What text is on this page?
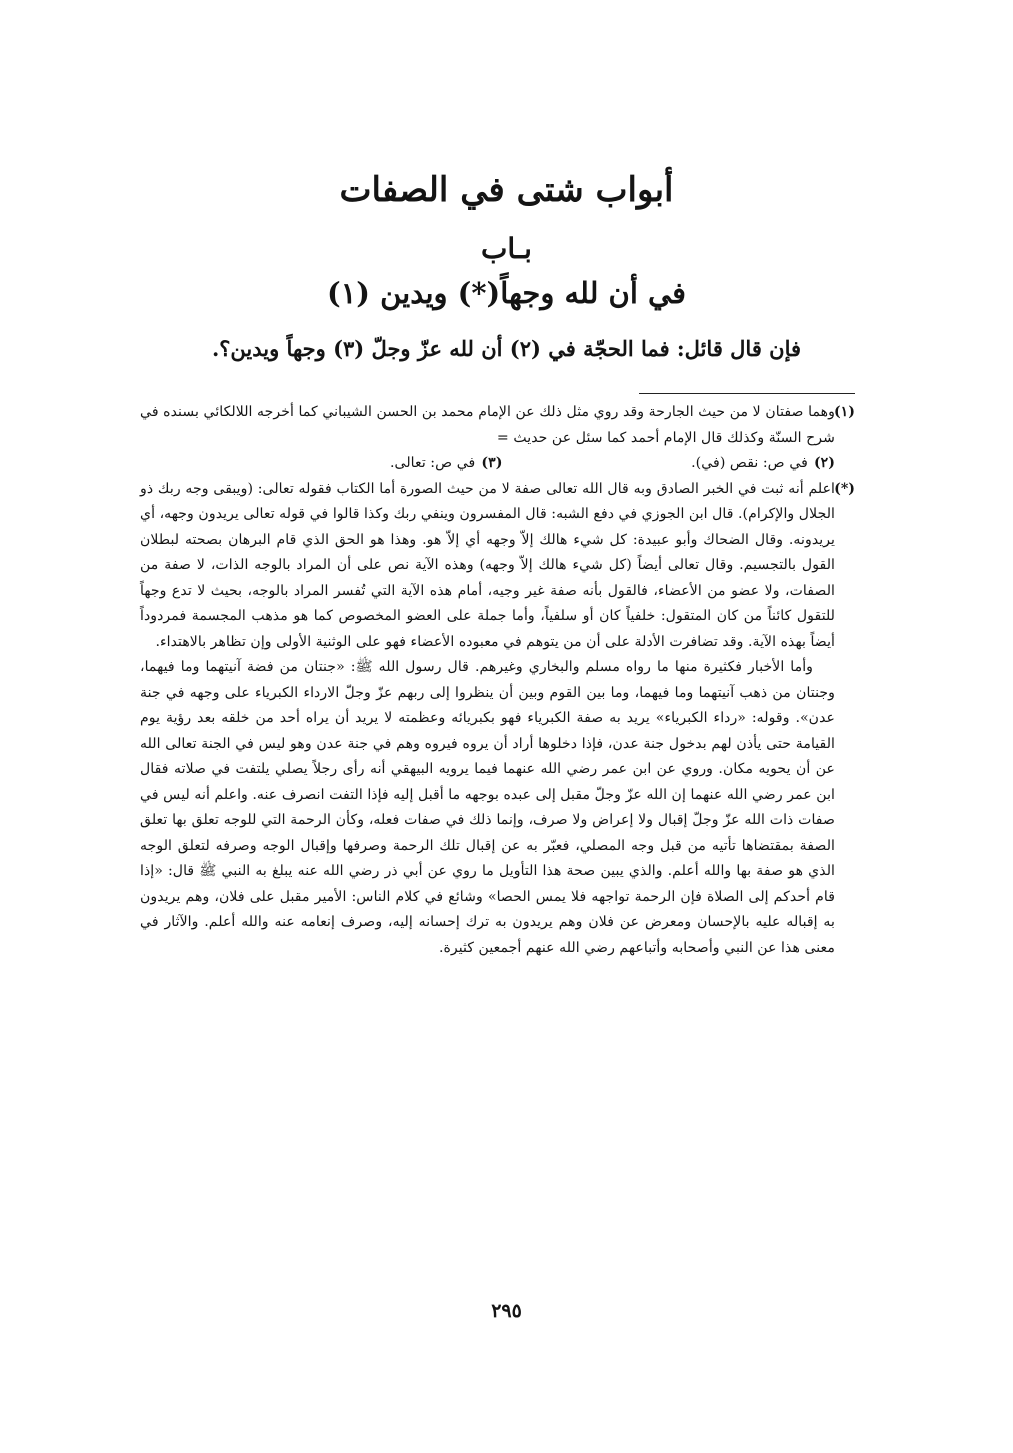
أبواب شتى في الصفات
بـاب
في أن لله وجهاً(*) ويدين (١)

فإن قال قائل: فما الحجّة في (٢) أن لله عزّ وجلّ (٣) وجهاً ويدين؟.

(١)
وهما صفتان لا من حيث الجارحة وقد روي مثل ذلك عن الإمام محمد بن الحسن الشيباني كما أخرجه اللالكائي بسنده في شرح السنّة وكذلك قال الإمام أحمد كما سئل عن حديث =
(٢)في ص: نقص (في).
(٣)في ص: تعالى.
(*)
اعلم أنه ثبت في الخبر الصادق وبه قال الله تعالى صفة لا من حيث الصورة أما الكتاب فقوله تعالى: (ويبقى وجه ربك ذو الجلال والإكرام). قال ابن الجوزي في دفع الشبه: قال المفسرون وينفي ربك وكذا قالوا في قوله تعالى يريدون وجهه، أي يريدونه. وقال الضحاك وأبو عبيدة: كل شيء هالك إلاّ وجهه أي إلاّ هو. وهذا هو الحق الذي قام البرهان بصحته لبطلان القول بالتجسيم. وقال تعالى أيضاً (كل شيء هالك إلاّ وجهه) وهذه الآية نص على أن المراد بالوجه الذات، لا صفة من الصفات، ولا عضو من الأعضاء، فالقول بأنه صفة غير وجيه، أمام هذه الآية التي تُفسر المراد بالوجه، بحيث لا تدع وجهاً للتقول كائناً من كان المتقول: خلفياً كان أو سلفياً، وأما جملة على العضو المخصوص كما هو مذهب المجسمة فمردوداً أيضاً بهذه الآية. وقد تضافرت الأدلة على أن من يتوهم في معبوده الأعضاء فهو على الوثنية الأولى وإن تظاهر بالاهتداء.

وأما الأخبار فكثيرة منها ما رواه مسلم والبخاري وغيرهم. قال رسول الله ﷺ: «جنتان من فضة آنيتهما وما فيهما، وجنتان من ذهب آنيتهما وما فيهما، وما بين القوم وبين أن ينظروا إلى ربهم عزّ وجلّ الارداء الكبرياء على وجهه في جنة عدن». وقوله: «رداء الكبرياء» يريد به صفة الكبرياء فهو بكبريائه وعظمته لا يريد أن يراه أحد من خلقه بعد رؤية يوم القيامة حتى يأذن لهم بدخول جنة عدن، فإذا دخلوها أراد أن يروه فيروه وهم في جنة عدن وهو ليس في الجنة تعالى الله عن أن يحويه مكان. وروي عن ابن عمر رضي الله عنهما فيما يرويه البيهقي أنه رأى رجلاً يصلي يلتفت في صلاته فقال ابن عمر رضي الله عنهما إن الله عزّ وجلّ مقبل إلى عبده بوجهه ما أقبل إليه فإذا التفت انصرف عنه. واعلم أنه ليس في صفات ذات الله عزّ وجلّ إقبال ولا إعراض ولا صرف، وإنما ذلك في صفات فعله، وكأن الرحمة التي للوجه تعلق بها تعلق الصفة بمقتضاها تأتيه من قبل وجه المصلي، فعبّر به عن إقبال تلك الرحمة وصرفها وإقبال الوجه وصرفه لتعلق الوجه الذي هو صفة بها والله أعلم. والذي يبين صحة هذا التأويل ما روي عن أبي ذر رضي الله عنه يبلغ به النبي ﷺ قال: «إذا قام أحدكم إلى الصلاة فإن الرحمة تواجهه فلا يمس الحصا» وشائع في كلام الناس: الأمير مقبل على فلان، وهم يريدون به إقباله عليه بالإحسان ومعرض عن فلان وهم يريدون به ترك إحسانه إليه، وصرف إنعامه عنه والله أعلم. والآثار في معنى هذا عن النبي وأصحابه وأتباعهم رضي الله عنهم أجمعين كثيرة.

٢٩٥
